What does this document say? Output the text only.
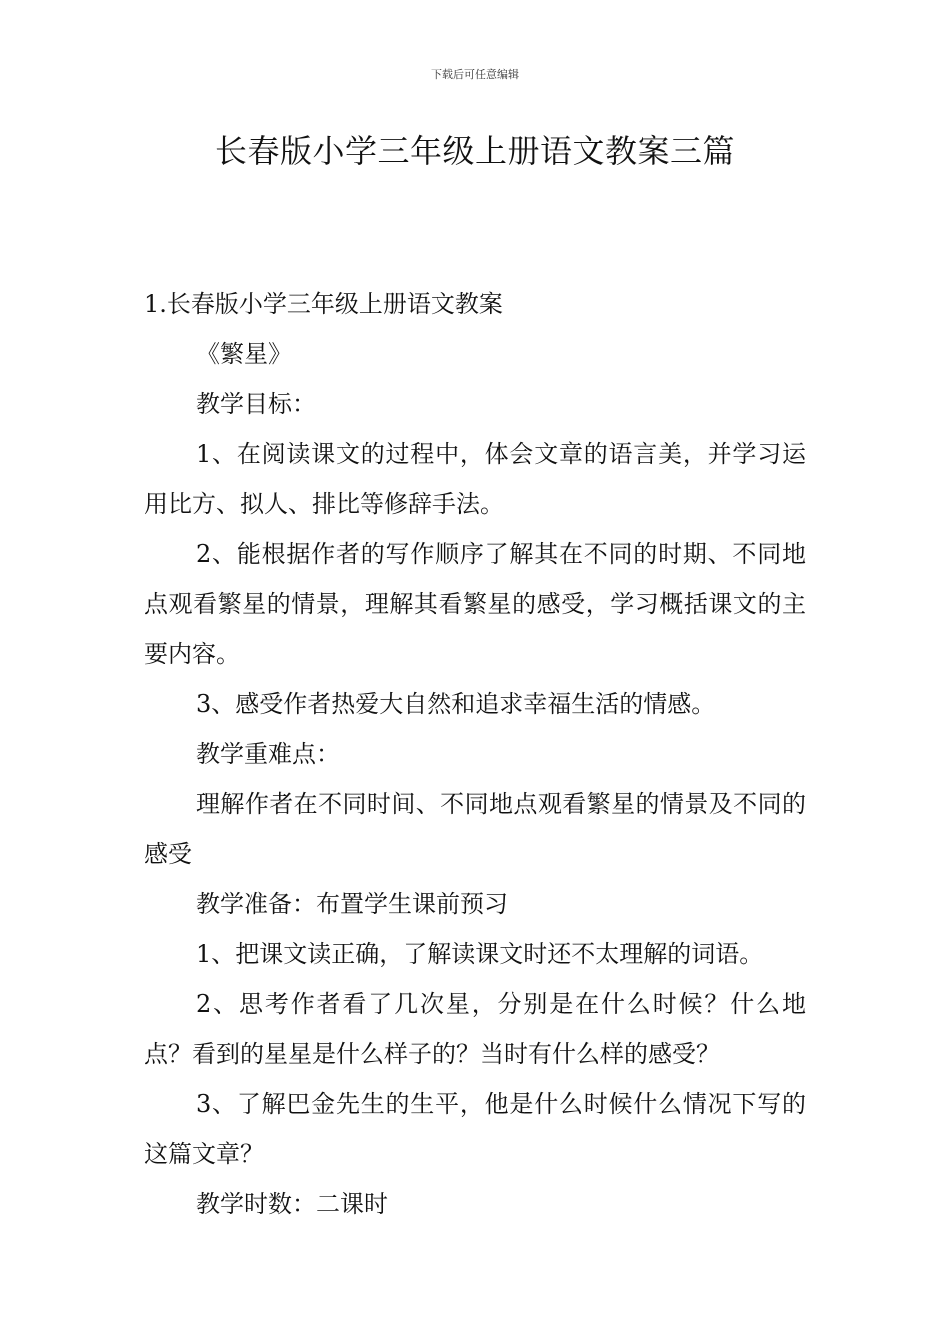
下载后可任意编辑
长春版小学三年级上册语文教案三篇

1.长春版小学三年级上册语文教案

《繁星》

教学目标：

1、在阅读课文的过程中，体会文章的语言美，并学习运用比方、拟人、排比等修辞手法。

2、能根据作者的写作顺序了解其在不同的时期、不同地点观看繁星的情景，理解其看繁星的感受，学习概括课文的主要内容。

3、感受作者热爱大自然和追求幸福生活的情感。

教学重难点：

理解作者在不同时间、不同地点观看繁星的情景及不同的感受

教学准备：布置学生课前预习

1、把课文读正确，了解读课文时还不太理解的词语。

2、思考作者看了几次星，分别是在什么时候？什么地点？看到的星星是什么样子的？当时有什么样的感受？

3、了解巴金先生的生平，他是什么时候什么情况下写的这篇文章？

教学时数：二课时
